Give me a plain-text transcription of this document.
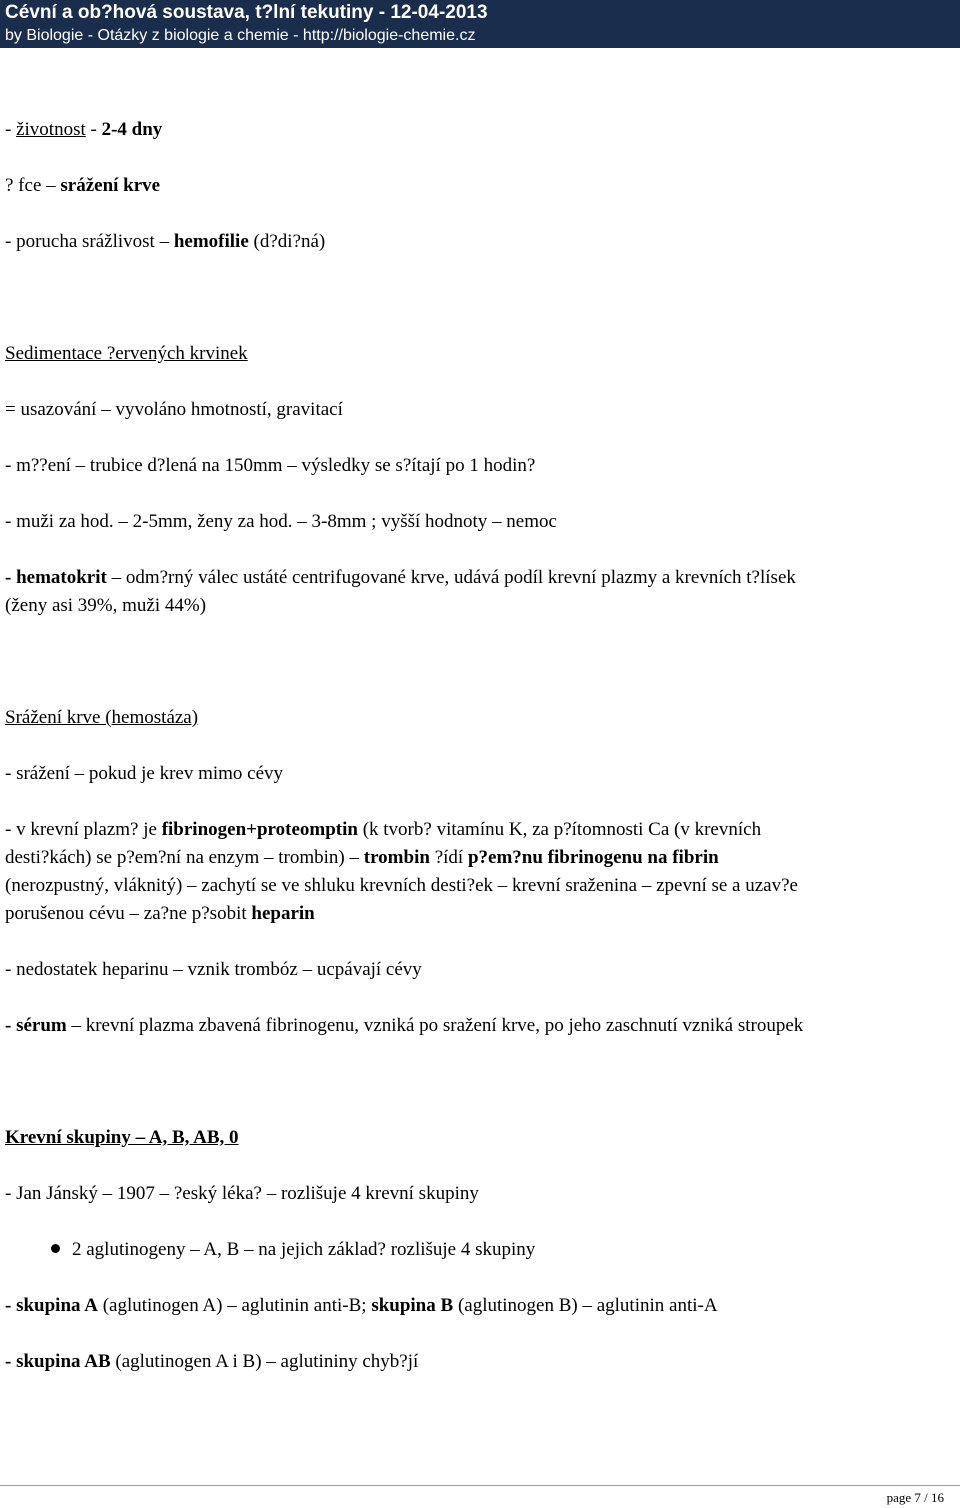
Cévní a ob?hová soustava, t?lní tekutiny - 12-04-2013
by Biologie - Otázky z biologie a chemie - http://biologie-chemie.cz
- životnost - 2-4 dny
? fce – srážení krve
- porucha srážlivost – hemofilie (d?di?ná)
Sedimentace ?ervených krvinek
= usazování – vyvoláno hmotností, gravitací
- m??ení – trubice d?lená na 150mm – výsledky se s?ítají po 1 hodin?
- muži za hod. – 2-5mm, ženy za hod. – 3-8mm ; vyšší hodnoty – nemoc
- hematokrit – odm?rný válec ustáté centrifugované krve, udává podíl krevní plazmy a krevních t?lísek
(ženy asi 39%, muži 44%)
Srážení krve (hemostáza)
- srážení – pokud je krev mimo cévy
- v krevní plazm? je fibrinogen+proteomptin (k tvorb? vitamínu K, za p?ítomnosti Ca (v krevních
desti?kách) se p?em?ní na enzym – trombin) – trombin ?ídí p?em?nu fibrinogenu na fibrin
(nerozpustný, vláknitý) – zachytí se ve shluku krevních desti?ek – krevní sraženina – zpevní se a uzav?e
porušenou cévu – za?ne p?sobit heparin
- nedostatek heparinu – vznik trombóz – ucpávají cévy
- sérum – krevní plazma zbavená fibrinogenu, vzniká po sražení krve, po jeho zaschnutí vzniká stroupek
Krevní skupiny – A, B, AB, 0
- Jan Jánský – 1907 – ?eský léka? – rozlišuje 4 krevní skupiny
2 aglutinogeny – A, B – na jejich základ? rozlišuje 4 skupiny
- skupina A (aglutinogen A) – aglutinin anti-B; skupina B (aglutinogen B) – aglutinin anti-A
- skupina AB (aglutinogen A i B) – aglutininy chyb?jí
page 7 / 16
